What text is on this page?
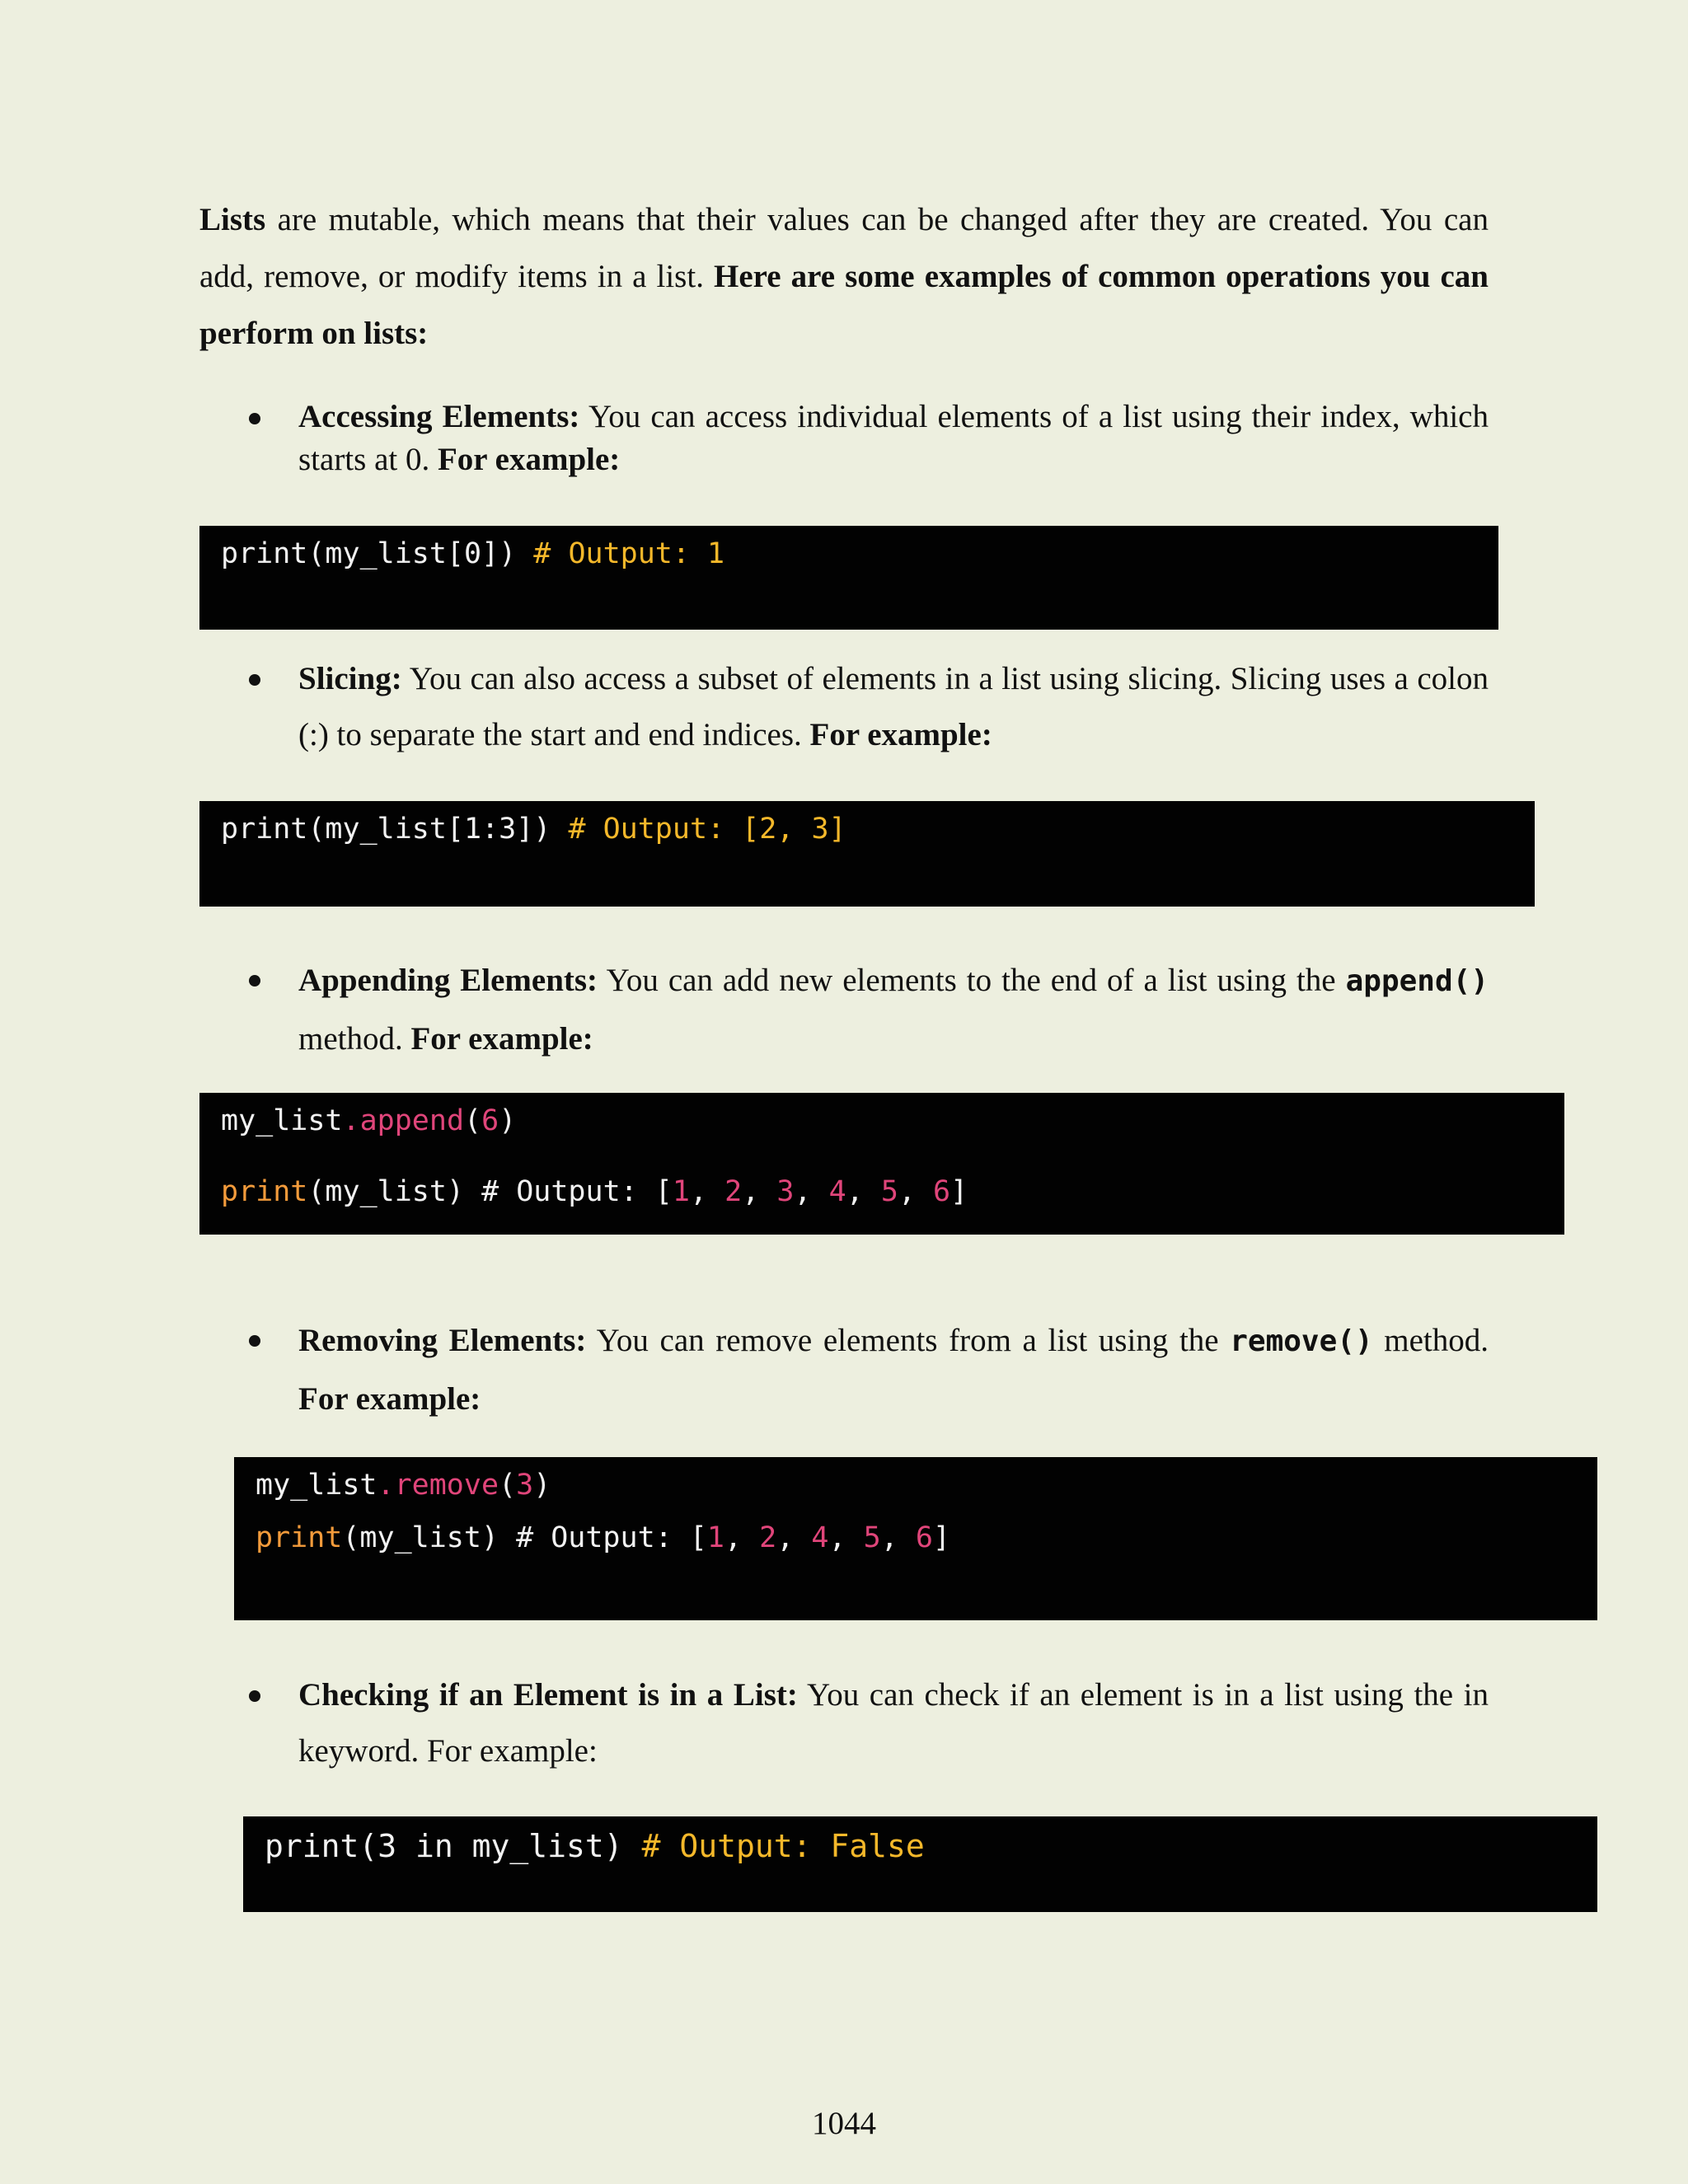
Lists are mutable, which means that their values can be changed after they are created. You can add, remove, or modify items in a list. Here are some examples of common operations you can perform on lists:

Accessing Elements: You can access individual elements of a list using their index, which starts at 0. For example:

print(my_list[0]) # Output: 1

Slicing: You can also access a subset of elements in a list using slicing. Slicing uses a colon (:) to separate the start and end indices. For example:

print(my_list[1:3]) # Output: [2, 3]

Appending Elements: You can add new elements to the end of a list using the append() method. For example:

my_list.append(6)

print(my_list) # Output: [1, 2, 3, 4, 5, 6]

Removing Elements: You can remove elements from a list using the remove() method. For example:

my_list.remove(3)

print(my_list) # Output: [1, 2, 4, 5, 6]

Checking if an Element is in a List: You can check if an element is in a list using the in keyword. For example:

print(3 in my_list) # Output: False

1044
